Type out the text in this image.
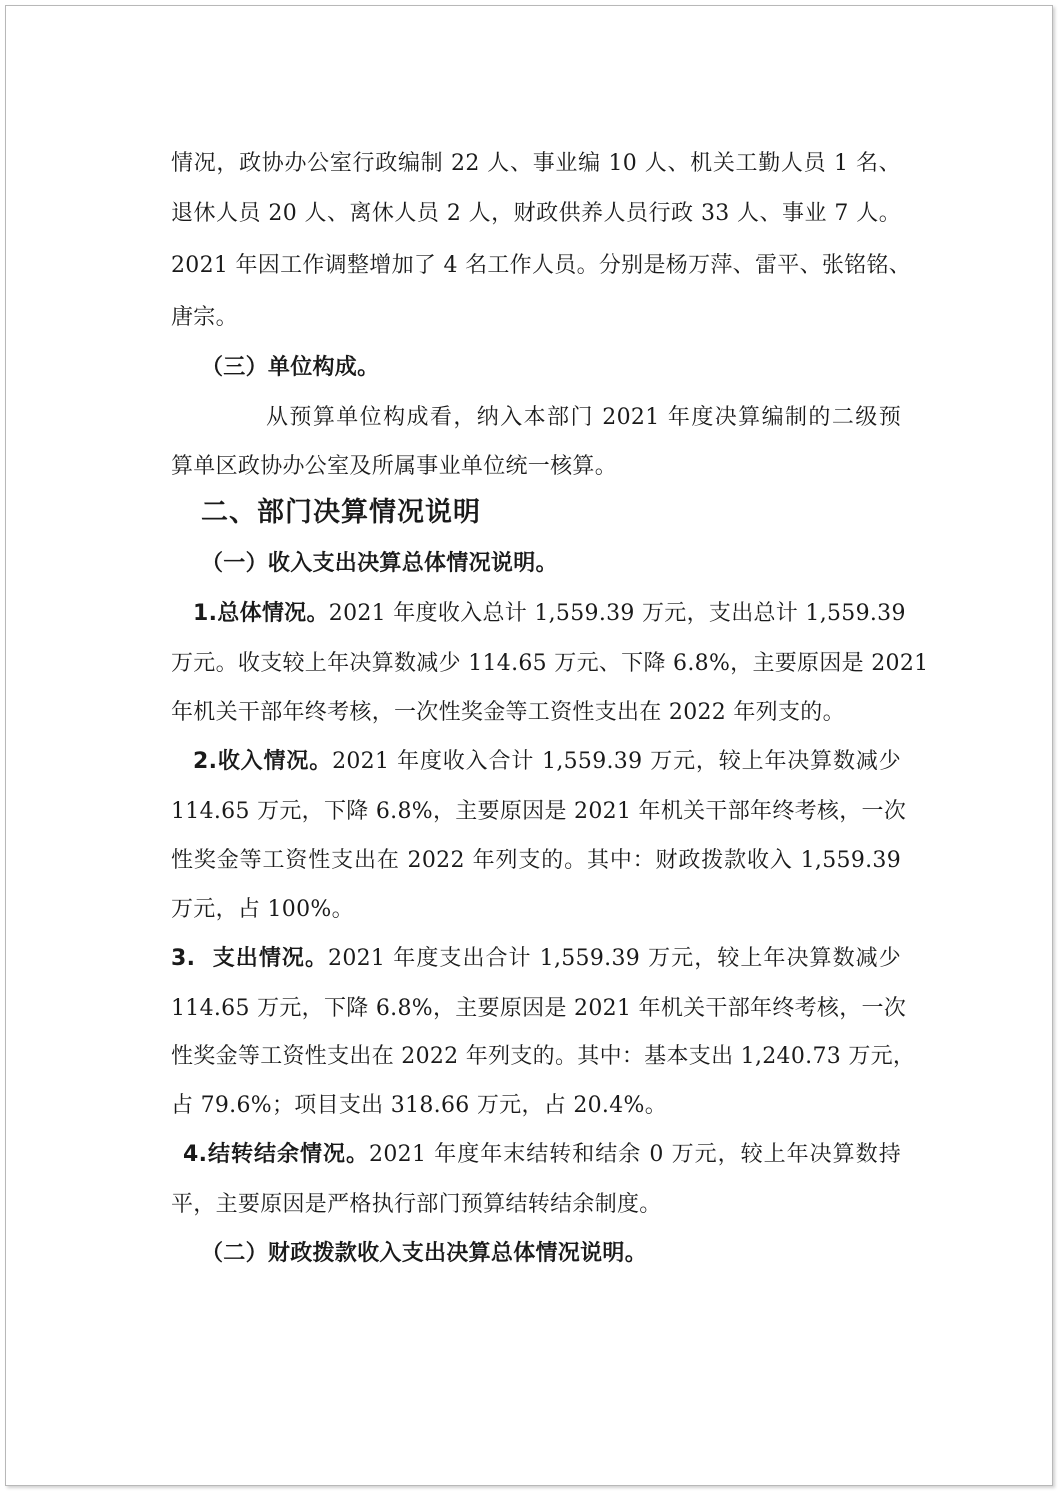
情况，政协办公室行政编制 22 人、事业编 10 人、机关工勤人员 1 名、
退休人员 20 人、离休人员 2 人，财政供养人员行政 33 人、事业 7 人。
2021 年因工作调整增加了 4 名工作人员。分别是杨万萍、雷平、张铭铭、
唐宗。
（三）单位构成。
从预算单位构成看，纳入本部门 2021 年度决算编制的二级预
算单区政协办公室及所属事业单位统一核算。
二、部门决算情况说明
（一）收入支出决算总体情况说明。
1.总体情况。2021 年度收入总计 1,559.39 万元，支出总计 1,559.39
万元。收支较上年决算数减少 114.65 万元、下降 6.8%，主要原因是 2021
年机关干部年终考核，一次性奖金等工资性支出在 2022 年列支的。
2.收入情况。2021 年度收入合计 1,559.39 万元，较上年决算数减少
114.65 万元，下降 6.8%，主要原因是 2021 年机关干部年终考核，一次
性奖金等工资性支出在 2022 年列支的。其中：财政拨款收入 1,559.39
万元，占 100%。
3.  支出情况。2021 年度支出合计 1,559.39 万元，较上年决算数减少
114.65 万元，下降 6.8%，主要原因是 2021 年机关干部年终考核，一次
性奖金等工资性支出在 2022 年列支的。其中：基本支出 1,240.73 万元，
占 79.6%；项目支出 318.66 万元，占 20.4%。
4.结转结余情况。2021 年度年末结转和结余 0 万元，较上年决算数持
平，主要原因是严格执行部门预算结转结余制度。
（二）财政拨款收入支出决算总体情况说明。
